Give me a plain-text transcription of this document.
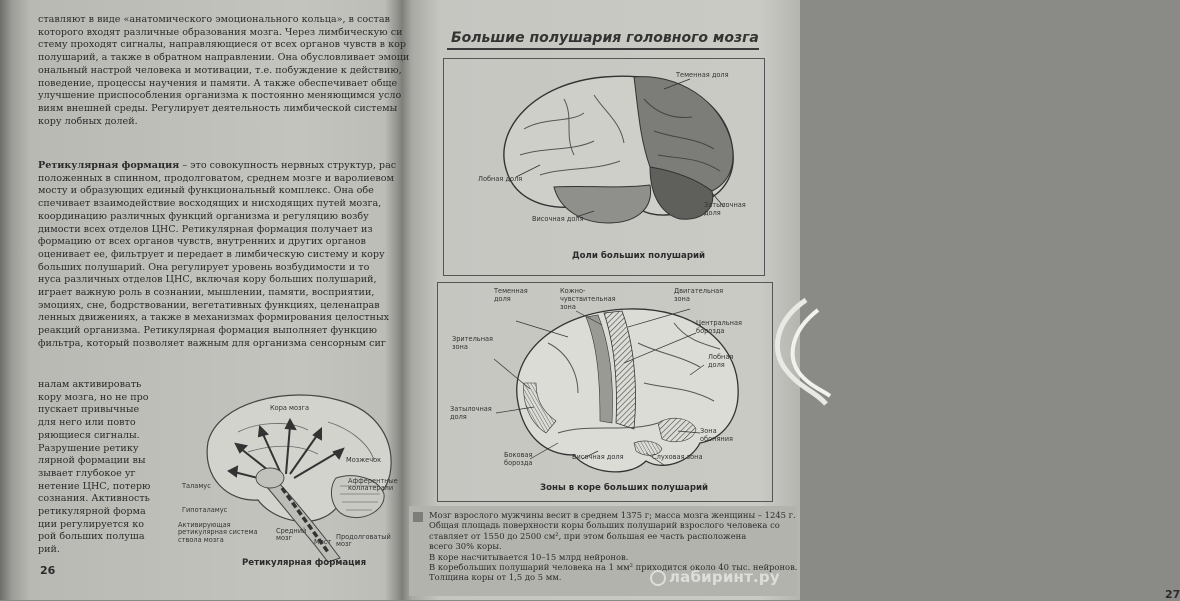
ставляют в виде «анатомического эмоционального кольца», в состав
которого входят различные образования мозга. Через лимбическую си
стему проходят сигналы, направляющиеся от всех органов чувств в кор
полушарий, а также в обратном направлении. Она обусловливает эмоци
ональный настрой человека и мотивации, т.е. побуждение к действию,
поведение, процессы научения и памяти. А также обеспечивает обще
улучшение приспособления организма к постоянно меняющимся усло
виям внешней среды. Регулирует деятельность лимбической системы
кору лобных долей.
Ретикулярная формация – это совокупность нервных структур, рас
положенных в спинном, продолговатом, среднем мозге и варолиевом
мосту и образующих единый функциональный комплекс. Она обе
спечивает взаимодействие восходящих и нисходящих путей мозга,
координацию различных функций организма и регуляцию возбу
димости всех отделов ЦНС. Ретикулярная формация получает из
формацию от всех органов чувств, внутренних и других органов
оценивает ее, фильтрует и передает в лимбическую систему и кору
больших полушарий. Она регулирует уровень возбудимости и то
нуса различных отделов ЦНС, включая кору больших полушарий,
играет важную роль в сознании, мышлении, памяти, восприятии,
эмоциях, сне, бодрствовании, вегетативных функциях, целенаправ
ленных движениях, а также в механизмах формирования целостных
реакций организма. Ретикулярная формация выполняет функцию
фильтра, который позволяет важным для организма сенсорным сиг
налам активировать
кору мозга, но не про
пускает привычные
для него или повто
ряющиеся сигналы.
Разрушение ретику
лярной формации вы
зывает глубокое уг
нетение ЦНС, потерю
сознания. Активность
ретикулярной форма
ции регулируется ко
рой больших полуша
рий.
Кора мозга
Таламус
Мозжечок
Афферентные коллатерали
Гипоталамус
Активирующая ретикулярная система ствола мозга
Средний мозг	Мост
Продолговатый мозг
Ретикулярная формация
26
Большие полушария головного мозга
Теменная доля
Лобная доля
Затылочная доля
Височная доля
Доли больших полушарий
Теменная доля
Кожно-чувствительная зона
Двигательная зона
Центральная борозда
Зрительная зона
Лобная доля
Затылочная доля
Зона обоняния
Боковая борозда
Височная доля	Слуховая зона
Зоны в коре больших полушарий
Мозг взрослого мужчины весит в среднем 1375 г; масса мозга женщины – 1245 г.
Общая площадь поверхности коры больших полушарий взрослого человека со
ставляет от 1550 до 2500 см², при этом большая ее часть расположена
всего 30% коры.
В коре насчитывается 10–15 млрд нейронов.
В коребольших полушарий человека на 1 мм² приходится около 40 тыс. нейронов.
Толщина коры от 1,5 до 5 мм.
27
лабиринт.ру
